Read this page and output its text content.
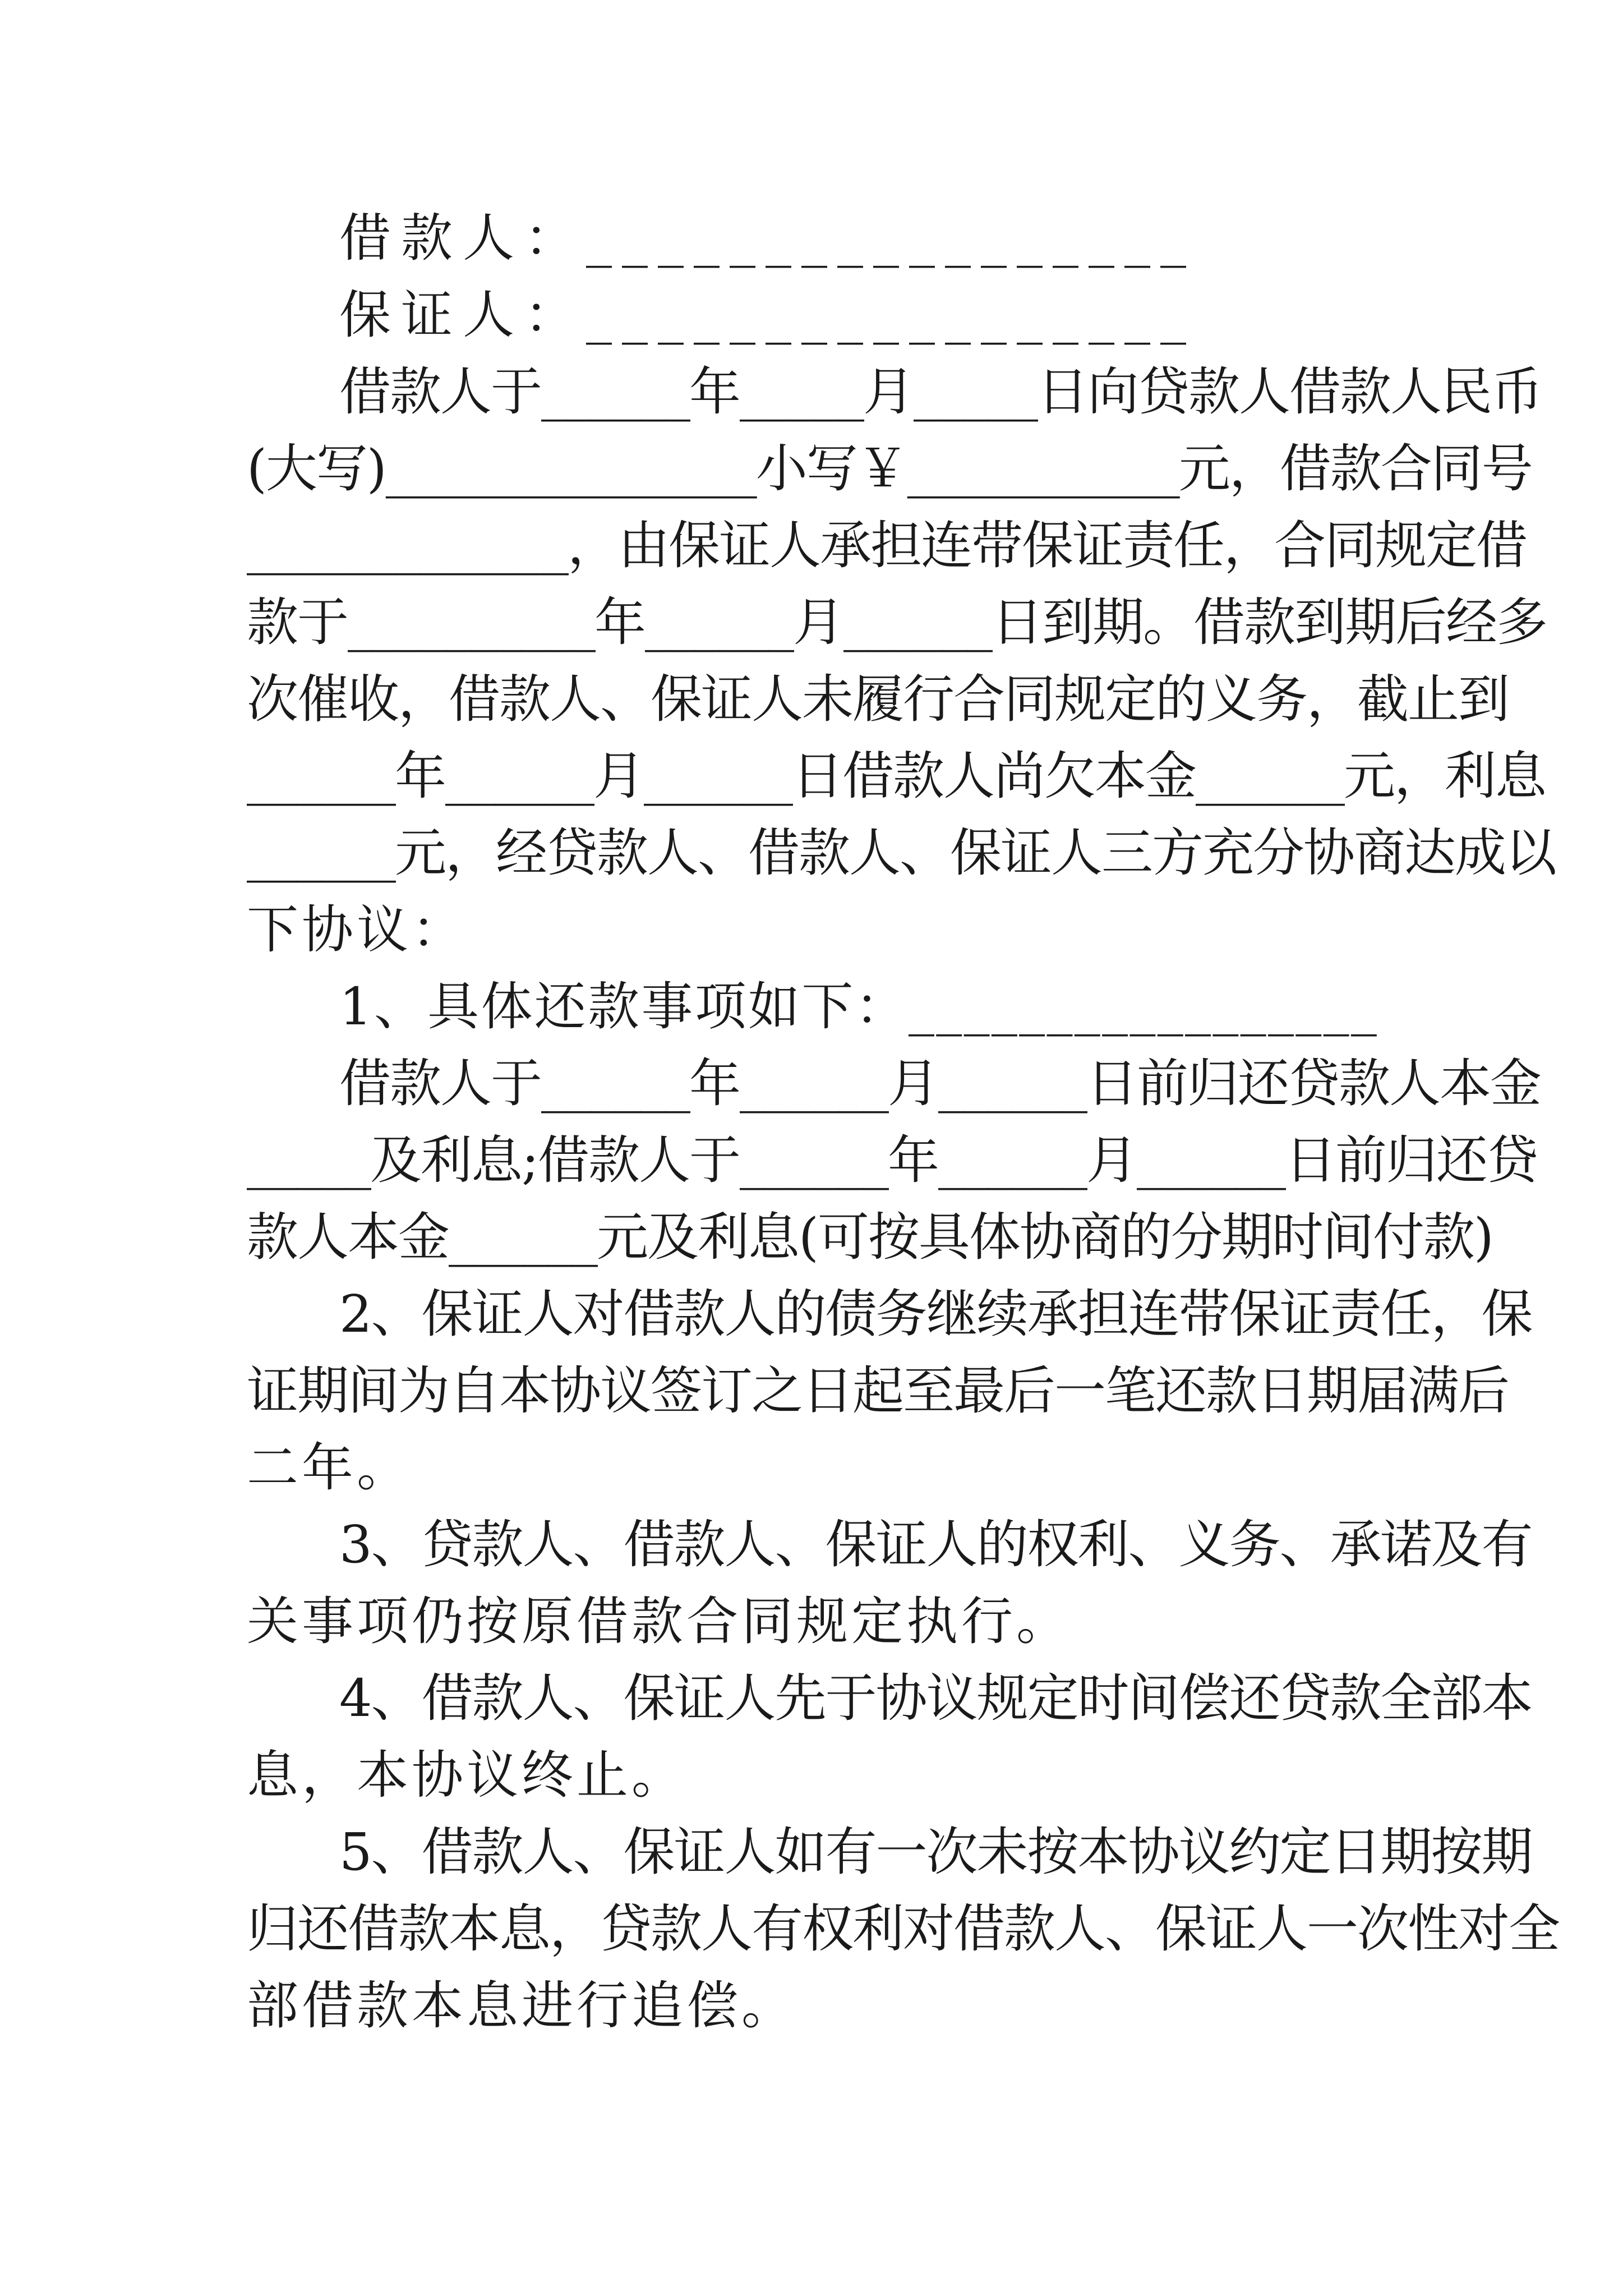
借款人：_________________
保证人：_________________
借款人于______年_____月_____日向贷款人借款人民币
(大写)_______________小写￥___________元，借款合同号
_____________，由保证人承担连带保证责任，合同规定借
款于__________年______月______日到期。借款到期后经多
次催收，借款人、保证人未履行合同规定的义务，截止到
______年______月______日借款人尚欠本金______元，利息
______元，经贷款人、借款人、保证人三方充分协商达成以
下协议：
1、具体还款事项如下：_________________
借款人于______年______月______日前归还贷款人本金
_____及利息;借款人于______年______月______日前归还贷
款人本金______元及利息(可按具体协商的分期时间付款)
2、保证人对借款人的债务继续承担连带保证责任，保
证期间为自本协议签订之日起至最后一笔还款日期届满后
二年。
3、贷款人、借款人、保证人的权利、义务、承诺及有
关事项仍按原借款合同规定执行。
4、借款人、保证人先于协议规定时间偿还贷款全部本
息，本协议终止。
5、借款人、保证人如有一次未按本协议约定日期按期
归还借款本息，贷款人有权利对借款人、保证人一次性对全
部借款本息进行追偿。
